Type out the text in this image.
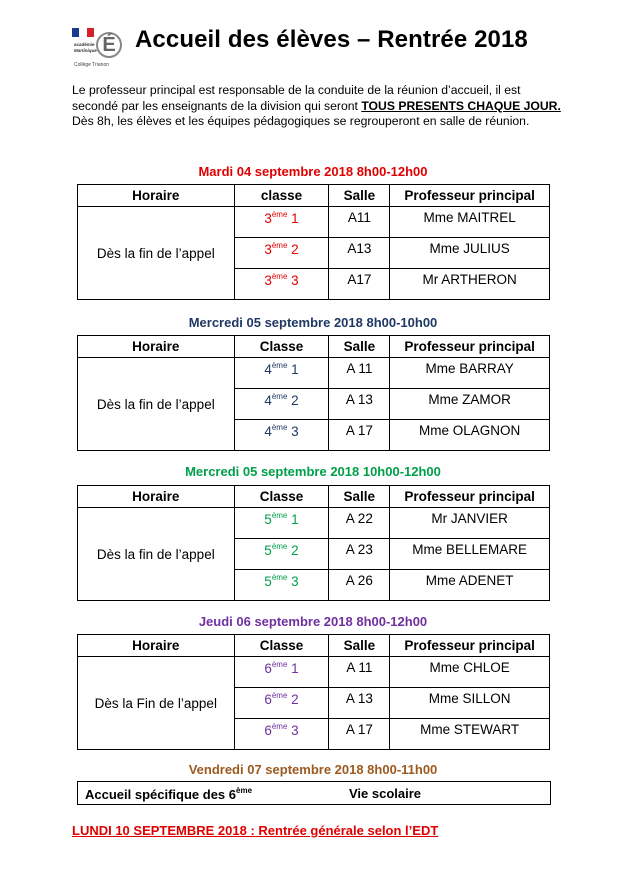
académie
Martinique É
Collège Trianon
Accueil des élèves – Rentrée 2018
Le professeur principal est responsable de la conduite de la réunion d’accueil, il est secondé par les enseignants de la division qui seront TOUS PRESENTS CHAQUE JOUR.
Dès 8h, les élèves et les équipes pédagogiques se regrouperont en salle de réunion.
Mardi 04 septembre 2018 8h00-12h00
Horaire	classe	Salle	Professeur principal
Dès la fin de l’appel	3ème 1	A11	Mme MAITREL
	3ème 2	A13	Mme JULIUS
	3ème 3	A17	Mr ARTHERON
Mercredi 05 septembre 2018 8h00-10h00
Horaire	Classe	Salle	Professeur principal
Dès la fin de l’appel	4ème 1	A 11	Mme BARRAY
	4ème 2	A 13	Mme ZAMOR
	4ème 3	A 17	Mme OLAGNON
Mercredi 05 septembre 2018 10h00-12h00
Horaire	Classe	Salle	Professeur principal
Dès la fin de l’appel	5ème 1	A 22	Mr JANVIER
	5ème 2	A 23	Mme BELLEMARE
	5ème 3	A 26	Mme ADENET
Jeudi 06 septembre 2018 8h00-12h00
Horaire	Classe	Salle	Professeur principal
Dès la Fin de l’appel	6ème 1	A 11	Mme CHLOE
	6ème 2	A 13	Mme SILLON
	6ème 3	A 17	Mme STEWART
Vendredi 07 septembre 2018 8h00-11h00
Accueil spécifique des 6ème	Vie scolaire
LUNDI 10 SEPTEMBRE 2018 : Rentrée générale selon l’EDT
